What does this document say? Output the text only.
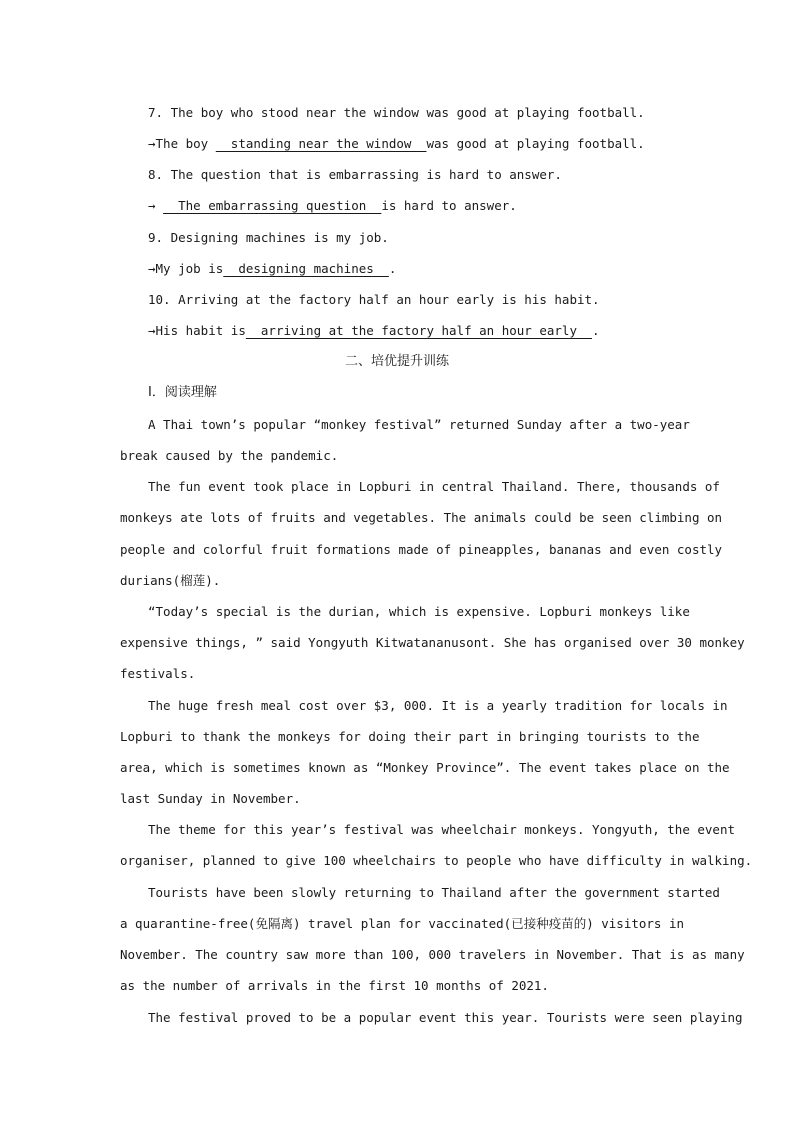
7. The boy who stood near the window was good at playing football.
→The boy   standing near the window  was good at playing football.
8. The question that is embarrassing is hard to answer.
→   The embarrassing question  is hard to answer.
9. Designing machines is my job.
→My job is  designing machines  .
10. Arriving at the factory half an hour early is his habit.
→His habit is  arriving at the factory half an hour early  .
二、培优提升训练
Ⅰ．阅读理解
A Thai town’s popular “monkey festival” returned Sunday after a two-year
break caused by the pandemic.
The fun event took place in Lopburi in central Thailand. There, thousands of
monkeys ate lots of fruits and vegetables. The animals could be seen climbing on
people and colorful fruit formations made of pineapples, bananas and even costly
durians(榴莲).
“Today’s special is the durian, which is expensive. Lopburi monkeys like
expensive things, ” said Yongyuth Kitwatananusont. She has organised over 30 monkey
festivals.
The huge fresh meal cost over $3, 000. It is a yearly tradition for locals in
Lopburi to thank the monkeys for doing their part in bringing tourists to the
area, which is sometimes known as “Monkey Province”. The event takes place on the
last Sunday in November.
The theme for this year’s festival was wheelchair monkeys. Yongyuth, the event
organiser, planned to give 100 wheelchairs to people who have difficulty in walking.
Tourists have been slowly returning to Thailand after the government started
a quarantine-free(免隔离) travel plan for vaccinated(已接种疫苗的) visitors in
November. The country saw more than 100, 000 travelers in November. That is as many
as the number of arrivals in the first 10 months of 2021.
The festival proved to be a popular event this year. Tourists were seen playing
